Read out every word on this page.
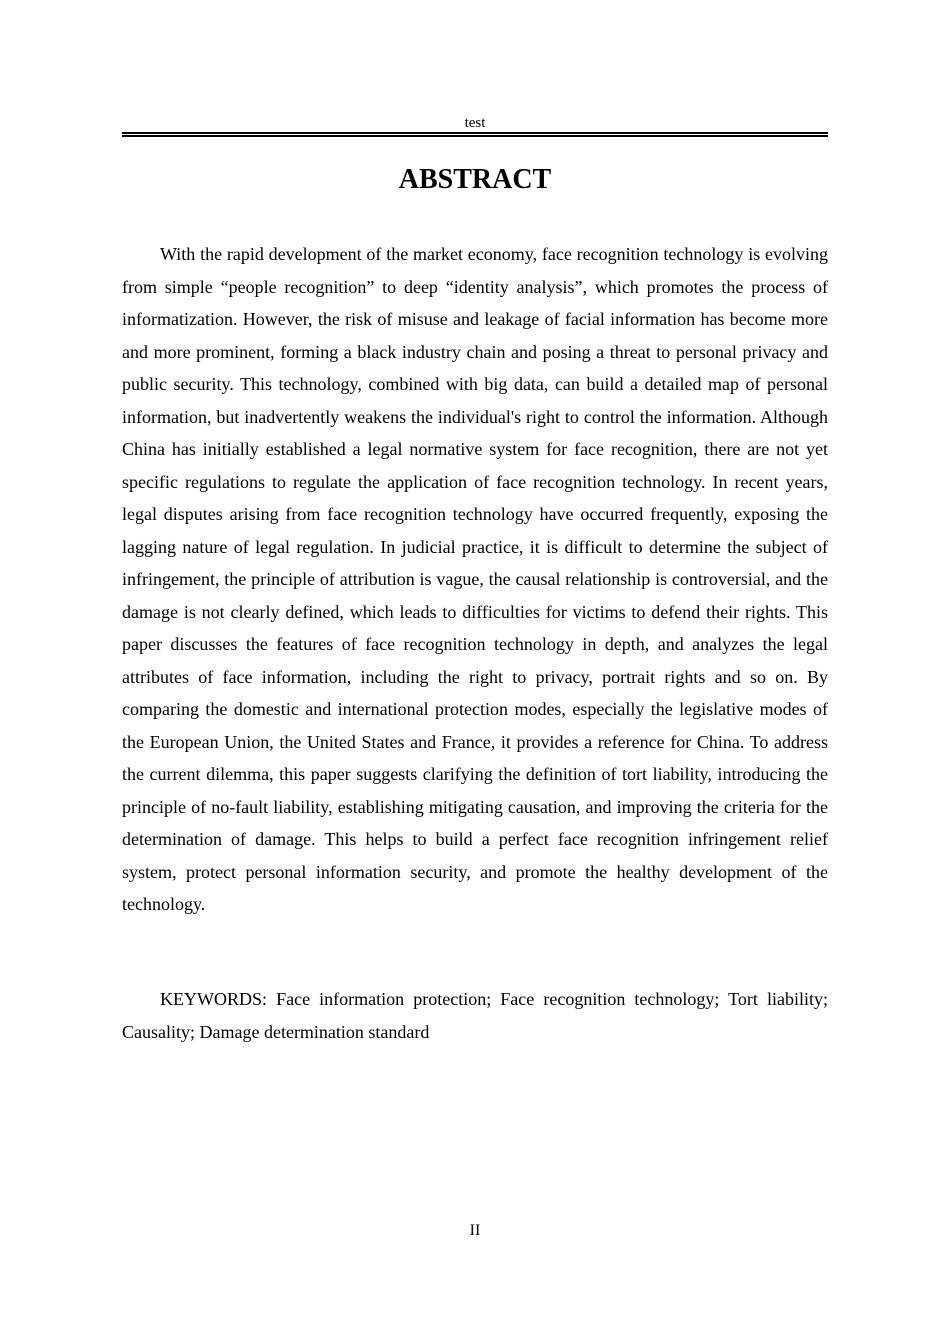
test
ABSTRACT

With the rapid development of the market economy, face recognition technology is evolving from simple “people recognition” to deep “identity analysis”, which promotes the process of informatization. However, the risk of misuse and leakage of facial information has become more and more prominent, forming a black industry chain and posing a threat to personal privacy and public security. This technology, combined with big data, can build a detailed map of personal information, but inadvertently weakens the individual's right to control the information. Although China has initially established a legal normative system for face recognition, there are not yet specific regulations to regulate the application of face recognition technology. In recent years, legal disputes arising from face recognition technology have occurred frequently, exposing the lagging nature of legal regulation. In judicial practice, it is difficult to determine the subject of infringement, the principle of attribution is vague, the causal relationship is controversial, and the damage is not clearly defined, which leads to difficulties for victims to defend their rights. This paper discusses the features of face recognition technology in depth, and analyzes the legal attributes of face information, including the right to privacy, portrait rights and so on. By comparing the domestic and international protection modes, especially the legislative modes of the European Union, the United States and France, it provides a reference for China. To address the current dilemma, this paper suggests clarifying the definition of tort liability, introducing the principle of no-fault liability, establishing mitigating causation, and improving the criteria for the determination of damage. This helps to build a perfect face recognition infringement relief system, protect personal information security, and promote the healthy development of the technology.

KEYWORDS: Face information protection; Face recognition technology; Tort liability; Causality; Damage determination standard

II
